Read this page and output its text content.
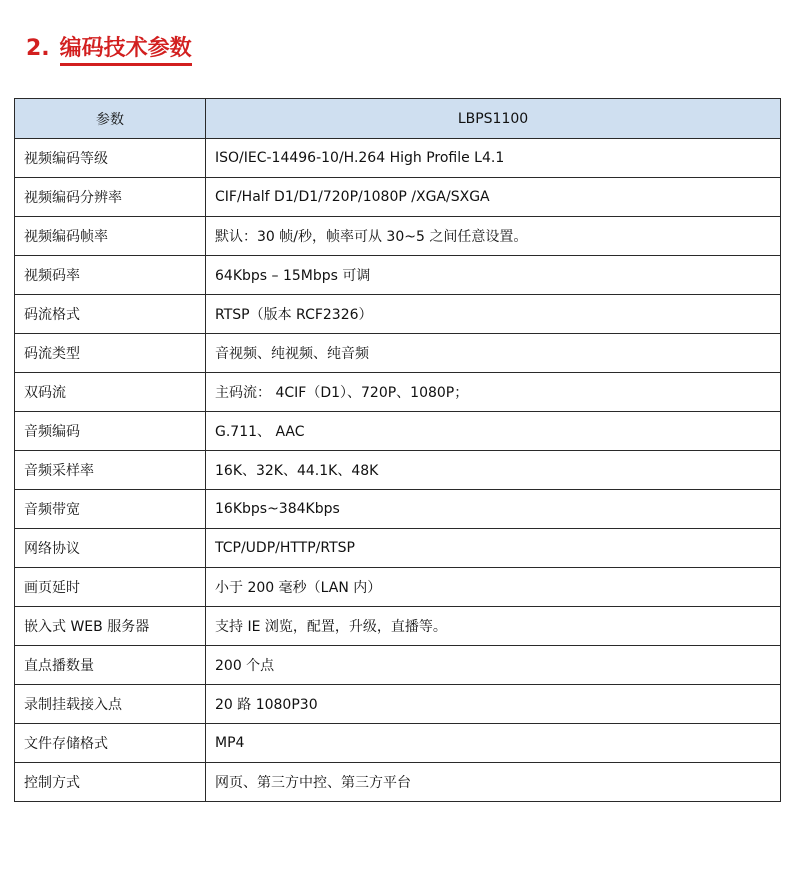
2. 编码技术参数
参数	LBPS1100
视频编码等级	ISO/IEC-14496-10/H.264 High Profile L4.1
视频编码分辨率	CIF/Half D1/D1/720P/1080P /XGA/SXGA
视频编码帧率	默认：30 帧/秒，帧率可从 30~5 之间任意设置。
视频码率	64Kbps – 15Mbps 可调
码流格式	RTSP（版本 RCF2326）
码流类型	音视频、纯视频、纯音频
双码流	主码流： 4CIF（D1）、720P、1080P；
音频编码	G.711、 AAC
音频采样率	16K、32K、44.1K、48K
音频带宽	16Kbps~384Kbps
网络协议	TCP/UDP/HTTP/RTSP
画页延时	小于 200 毫秒（LAN 内）
嵌入式 WEB 服务器	支持 IE 浏览，配置，升级，直播等。
直点播数量	200 个点
录制挂载接入点	20 路 1080P30
文件存储格式	MP4
控制方式	网页、第三方中控、第三方平台
